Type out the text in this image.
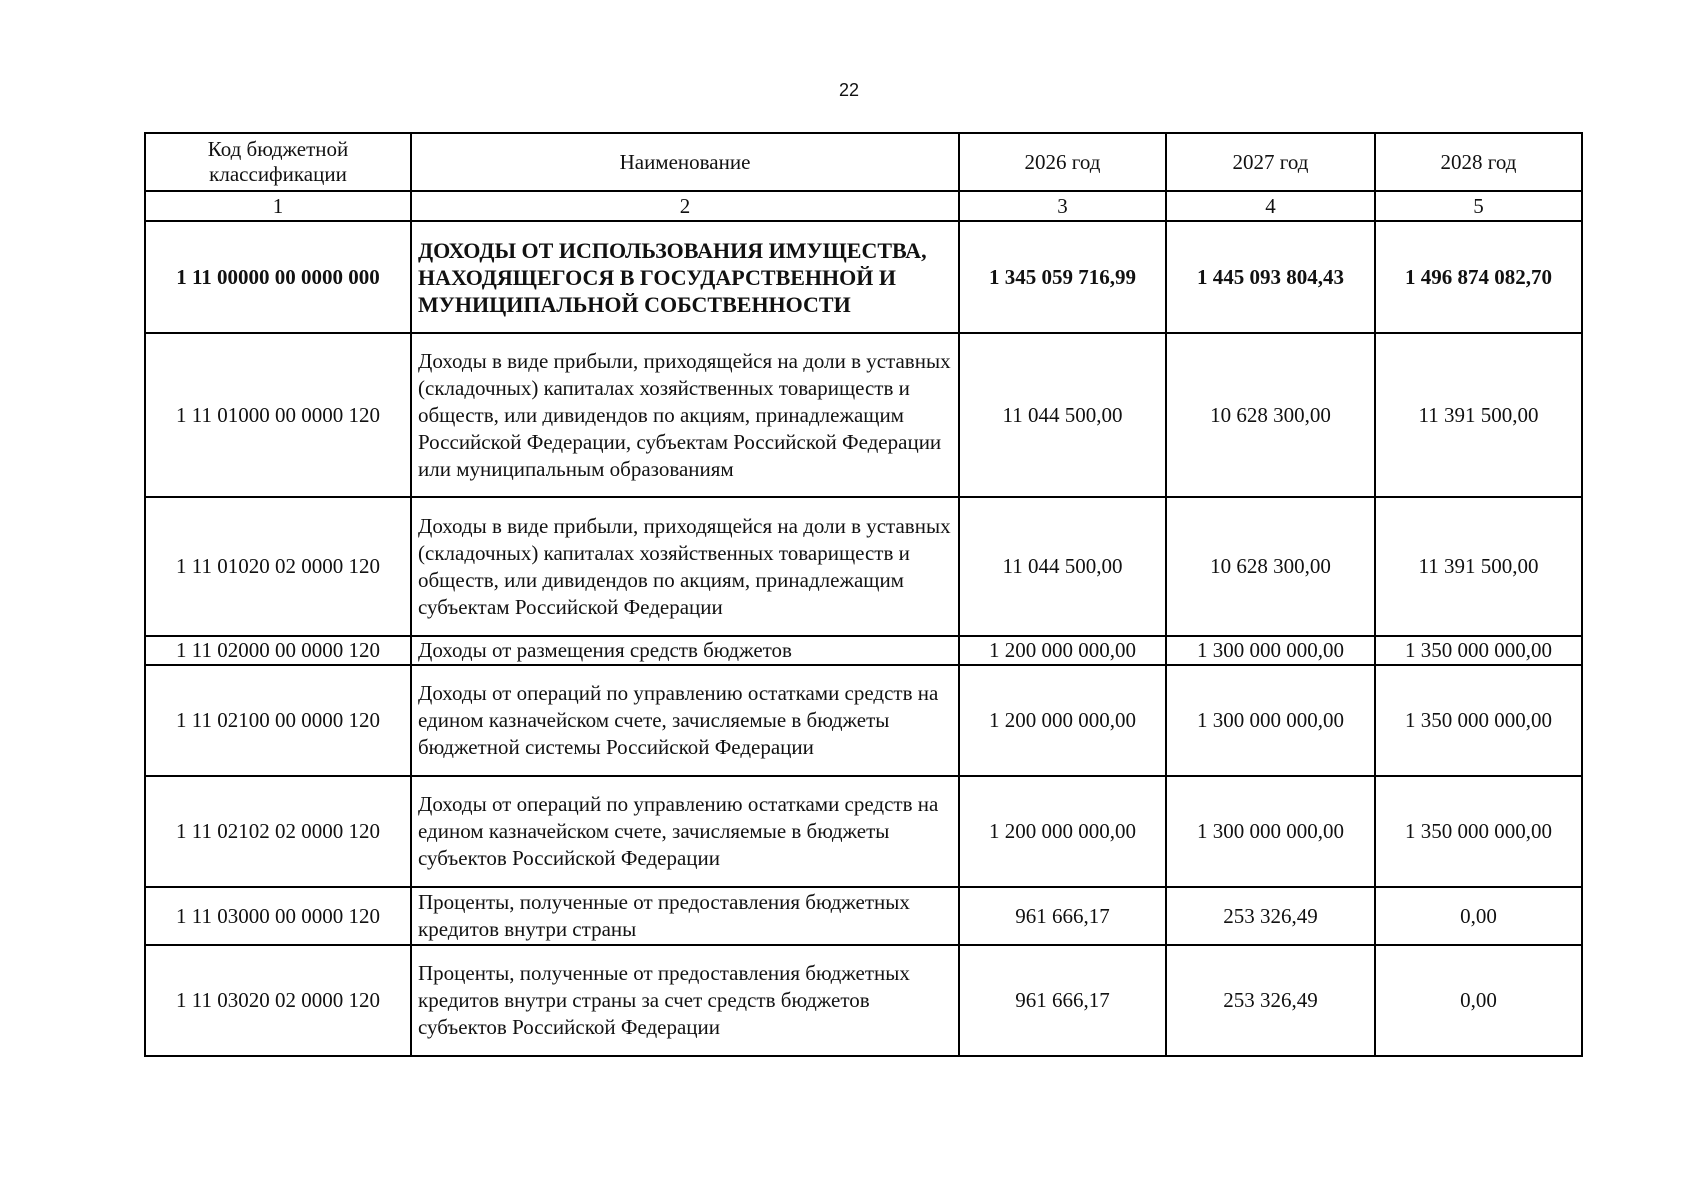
22
Код бюджетной классификации	Наименование	2026 год	2027 год	2028 год
1	2	3	4	5
1 11 00000 00 0000 000	ДОХОДЫ ОТ ИСПОЛЬЗОВАНИЯ ИМУЩЕСТВА, НАХОДЯЩЕГОСЯ В ГОСУДАРСТВЕННОЙ И МУНИЦИПАЛЬНОЙ СОБСТВЕННОСТИ	1 345 059 716,99	1 445 093 804,43	1 496 874 082,70
1 11 01000 00 0000 120	Доходы в виде прибыли, приходящейся на доли в уставных (складочных) капиталах хозяйственных товариществ и обществ, или дивидендов по акциям, принадлежащим Российской Федерации, субъектам Российской Федерации или муниципальным образованиям	11 044 500,00	10 628 300,00	11 391 500,00
1 11 01020 02 0000 120	Доходы в виде прибыли, приходящейся на доли в уставных (складочных) капиталах хозяйственных товариществ и обществ, или дивидендов по акциям, принадлежащим субъектам Российской Федерации	11 044 500,00	10 628 300,00	11 391 500,00
1 11 02000 00 0000 120	Доходы от размещения средств бюджетов	1 200 000 000,00	1 300 000 000,00	1 350 000 000,00
1 11 02100 00 0000 120	Доходы от операций по управлению остатками средств на едином казначейском счете, зачисляемые в бюджеты бюджетной системы Российской Федерации	1 200 000 000,00	1 300 000 000,00	1 350 000 000,00
1 11 02102 02 0000 120	Доходы от операций по управлению остатками средств на едином казначейском счете, зачисляемые в бюджеты субъектов Российской Федерации	1 200 000 000,00	1 300 000 000,00	1 350 000 000,00
1 11 03000 00 0000 120	Проценты, полученные от предоставления бюджетных кредитов внутри страны	961 666,17	253 326,49	0,00
1 11 03020 02 0000 120	Проценты, полученные от предоставления бюджетных кредитов внутри страны за счет средств бюджетов субъектов Российской Федерации	961 666,17	253 326,49	0,00
